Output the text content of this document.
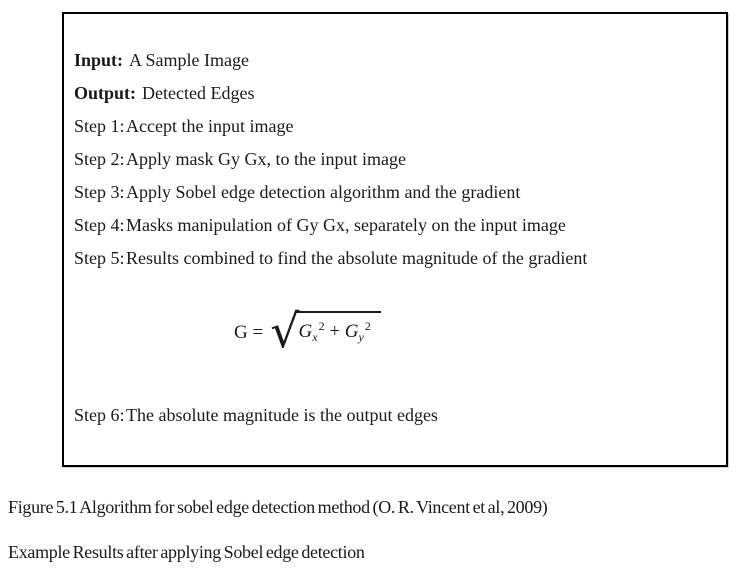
Input: A Sample Image
Output: Detected Edges
Step 1:Accept the input image
Step 2:Apply mask Gy Gx, to the input image
Step 3:Apply Sobel edge detection algorithm and the gradient
Step 4:Masks manipulation of Gy Gx, separately on the input image
Step 5:Results combined to find the absolute magnitude of the gradient
G = √ $G_x^2 + G_y^2$
Step 6:The absolute magnitude is the output edges
Figure 5.1 Algorithm for sobel edge detection method (O. R. Vincent et al, 2009)
Example Results after applying Sobel edge detection
